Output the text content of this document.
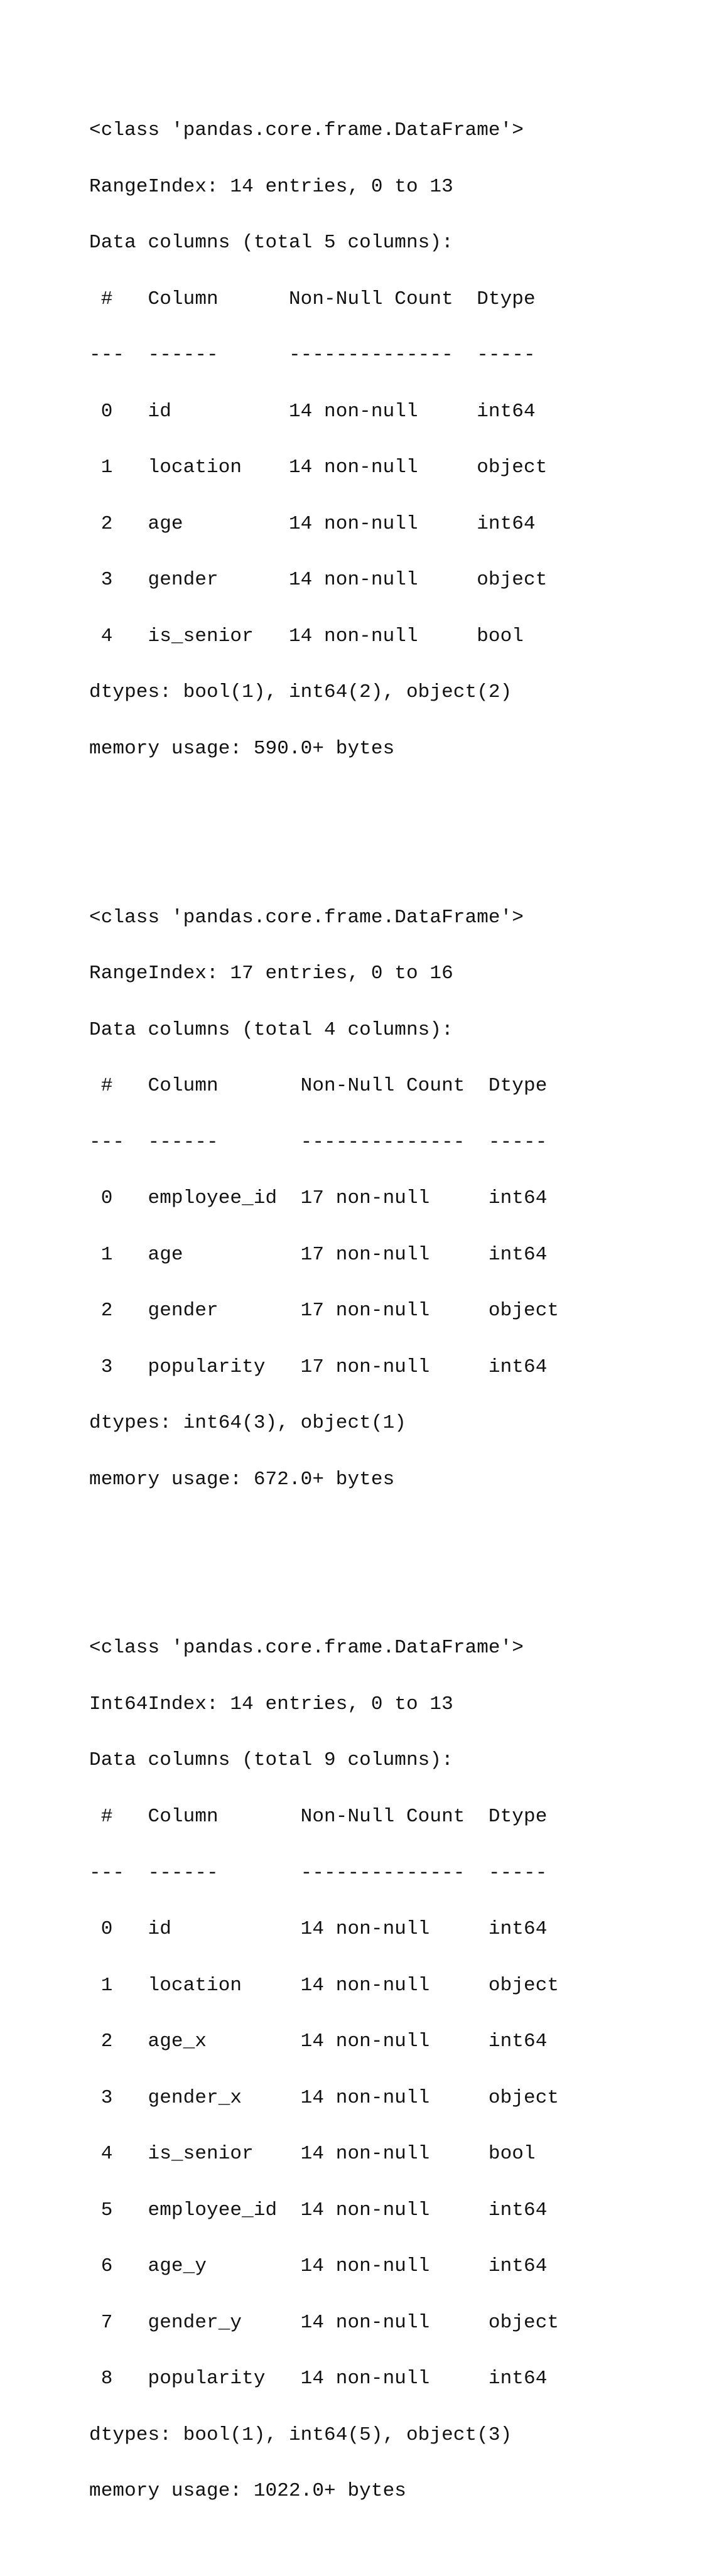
<class 'pandas.core.frame.DataFrame'>

RangeIndex: 14 entries, 0 to 13

Data columns (total 5 columns):

#   Column      Non-Null Count  Dtype

---  ------      --------------  -----

0   id          14 non-null     int64

1   location    14 non-null     object

2   age         14 non-null     int64

3   gender      14 non-null     object

4   is_senior   14 non-null     bool

dtypes: bool(1), int64(2), object(2)

memory usage: 590.0+ bytes

<class 'pandas.core.frame.DataFrame'>

RangeIndex: 17 entries, 0 to 16

Data columns (total 4 columns):

#   Column       Non-Null Count  Dtype

---  ------       --------------  -----

0   employee_id  17 non-null     int64

1   age          17 non-null     int64

2   gender       17 non-null     object

3   popularity   17 non-null     int64

dtypes: int64(3), object(1)

memory usage: 672.0+ bytes

<class 'pandas.core.frame.DataFrame'>

Int64Index: 14 entries, 0 to 13

Data columns (total 9 columns):

#   Column       Non-Null Count  Dtype

---  ------       --------------  -----

0   id           14 non-null     int64

1   location     14 non-null     object

2   age_x        14 non-null     int64

3   gender_x     14 non-null     object

4   is_senior    14 non-null     bool

5   employee_id  14 non-null     int64

6   age_y        14 non-null     int64

7   gender_y     14 non-null     object

8   popularity   14 non-null     int64

dtypes: bool(1), int64(5), object(3)

memory usage: 1022.0+ bytes
